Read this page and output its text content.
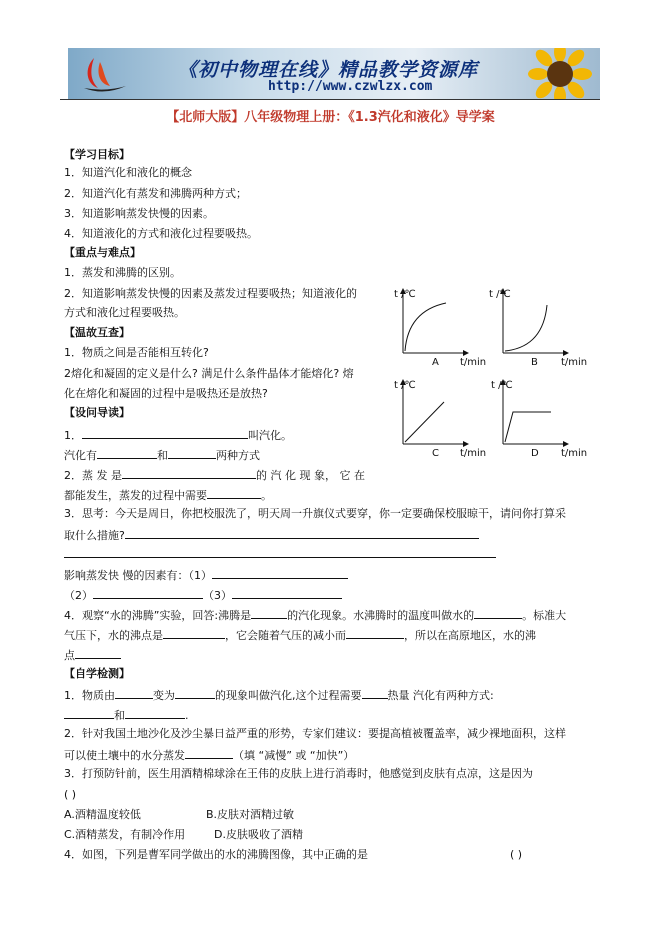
《初中物理在线》精品教学资源库
http://www.czwlzx.com
【北师大版】八年级物理上册：《1.3汽化和液化》导学案
【学习目标】
1．知道汽化和液化的概念
2．知道汽化有蒸发和沸腾两种方式；
3．知道影响蒸发快慢的因素。
4．知道液化的方式和液化过程要吸热。
【重点与难点】
1．蒸发和沸腾的区别。
2．知道影响蒸发快慢的因素及蒸发过程要吸热；知道液化的
方式和液化过程要吸热。
【温故互查】
1．物质之间是否能相互转化?
2熔化和凝固的定义是什么? 满足什么条件晶体才能熔化? 熔
化在熔化和凝固的过程中是吸热还是放热?
【设问导读】
1．	叫汽化。
汽化有	和	两种方式
2．蒸 发 是	的 汽 化 现 象， 它 在
都能发生，蒸发的过程中需要	。
3．思考：今天是周日，你把校服洗了，明天周一升旗仪式要穿，你一定要确保校服晾干，请问你打算采
取什么措施?
影响蒸发快 慢的因素有：（1）
（2）	（3）
4．观察“水的沸腾”实验，回答:沸腾是	的汽化现象。水沸腾时的温度叫做水的	。标准大
气压下，水的沸点是	，它会随着气压的减小而	，所以在高原地区，水的沸
点
【自学检测】
1．物质由	变为	的现象叫做汽化,这个过程需要 热量 汽化有两种方式:
和	.
2．针对我国土地沙化及沙尘暴日益严重的形势，专家们建议：要提高植被覆盖率，减少裸地面积，这样
可以使土壤中的水分蒸发	（填 “减慢” 或 “加快”）
3．打预防针前，医生用酒精棉球涂在王伟的皮肤上进行消毒时，他感觉到皮肤有点凉，这是因为
( )
A.酒精温度较低	B.皮肤对酒精过敏
C.酒精蒸发，有制冷作用	D.皮肤吸收了酒精
4．如图，下列是曹军同学做出的水的沸腾图像，其中正确的是	( )
t /℃
A t/min
t /℃
B t/min
t /℃
C t/min
t /℃
D t/min
